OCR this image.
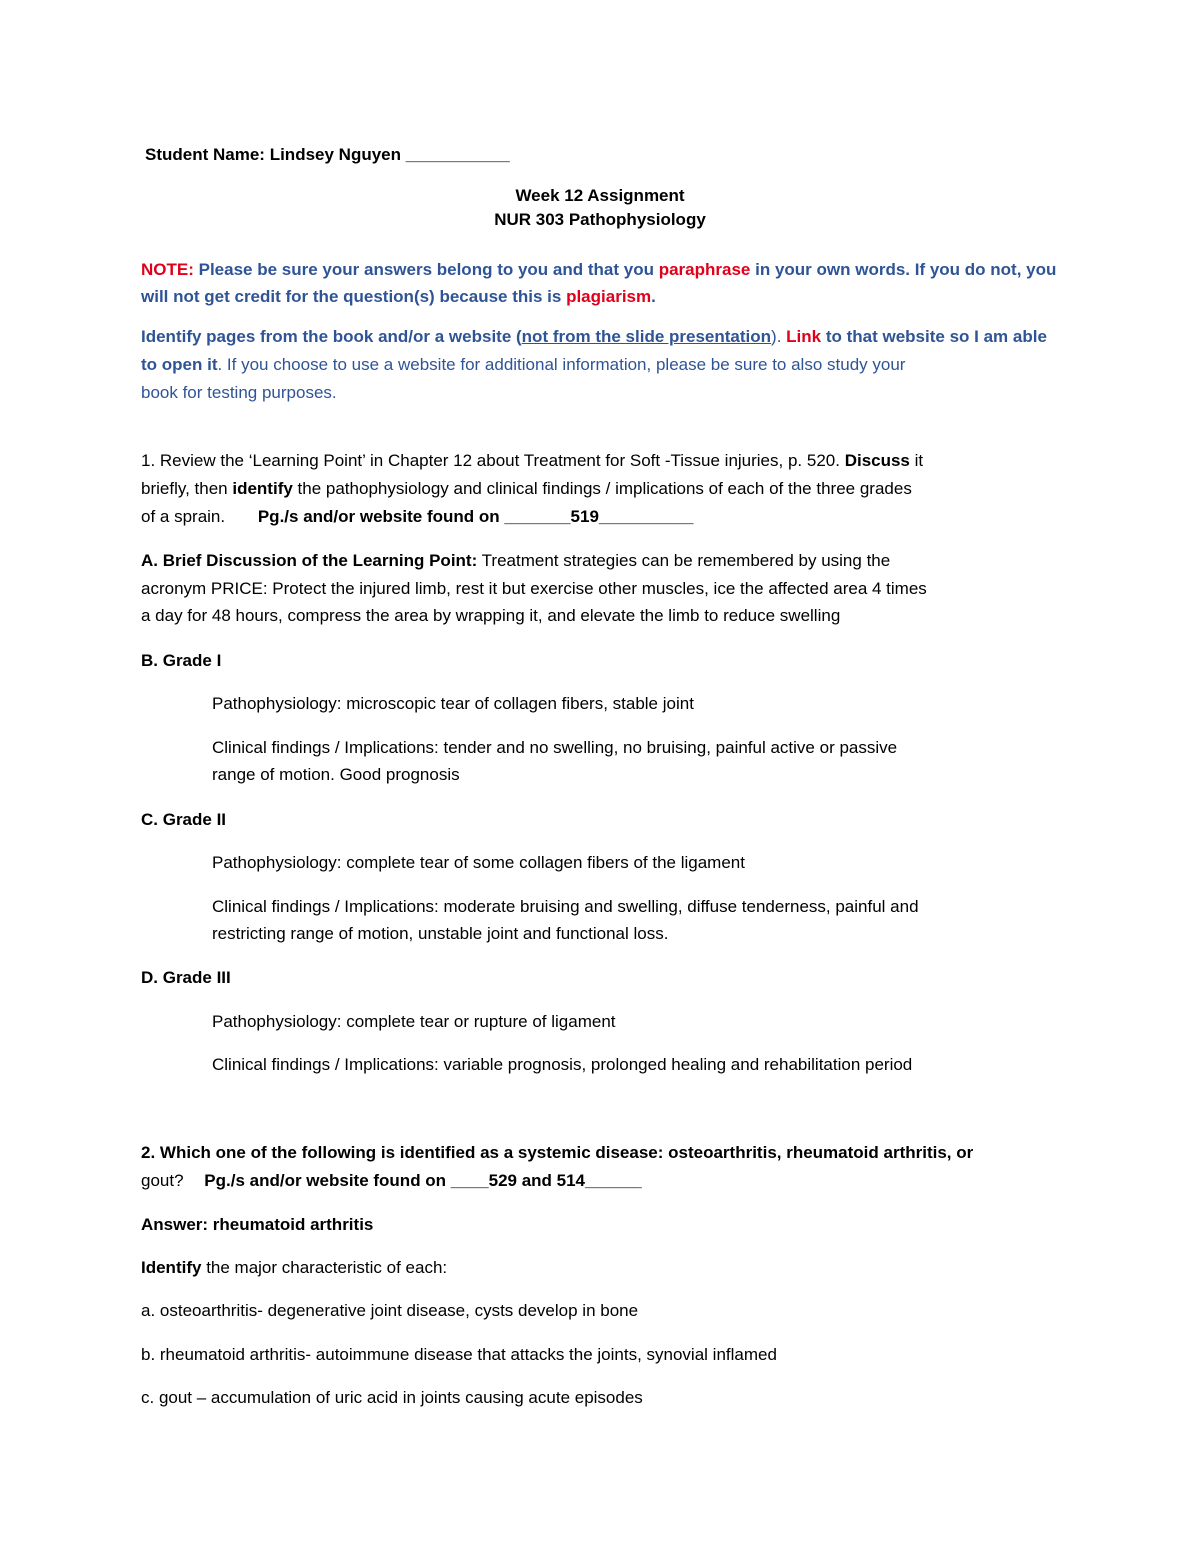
Student Name: Lindsey Nguyen ___________
Week 12 Assignment
NUR 303 Pathophysiology
NOTE: Please be sure your answers belong to you and that you paraphrase in your own words. If you do not, you
will not get credit for the question(s) because this is plagiarism.
Identify pages from the book and/or a website (not from the slide presentation). Link to that website so I am able
to open it. If you choose to use a website for additional information, please be sure to also study your
book for testing purposes.
1. Review the ‘Learning Point’ in Chapter 12 about Treatment for Soft -Tissue injuries, p. 520. Discuss it
briefly, then identify the pathophysiology and clinical findings / implications of each of the three grades
of a sprain. Pg./s and/or website found on _______519__________
A. Brief Discussion of the Learning Point: Treatment strategies can be remembered by using the
acronym PRICE: Protect the injured limb, rest it but exercise other muscles, ice the affected area 4 times
a day for 48 hours, compress the area by wrapping it, and elevate the limb to reduce swelling
B. Grade I
Pathophysiology: microscopic tear of collagen fibers, stable joint
Clinical findings / Implications: tender and no swelling, no bruising, painful active or passive
range of motion. Good prognosis
C. Grade II
Pathophysiology: complete tear of some collagen fibers of the ligament
Clinical findings / Implications: moderate bruising and swelling, diffuse tenderness, painful and
restricting range of motion, unstable joint and functional loss.
D. Grade III
Pathophysiology: complete tear or rupture of ligament
Clinical findings / Implications: variable prognosis, prolonged healing and rehabilitation period
2. Which one of the following is identified as a systemic disease: osteoarthritis, rheumatoid arthritis, or
gout? Pg./s and/or website found on ____529 and 514______
Answer: rheumatoid arthritis
Identify the major characteristic of each:
a. osteoarthritis- degenerative joint disease, cysts develop in bone
b. rheumatoid arthritis- autoimmune disease that attacks the joints, synovial inflamed
c. gout – accumulation of uric acid in joints causing acute episodes
